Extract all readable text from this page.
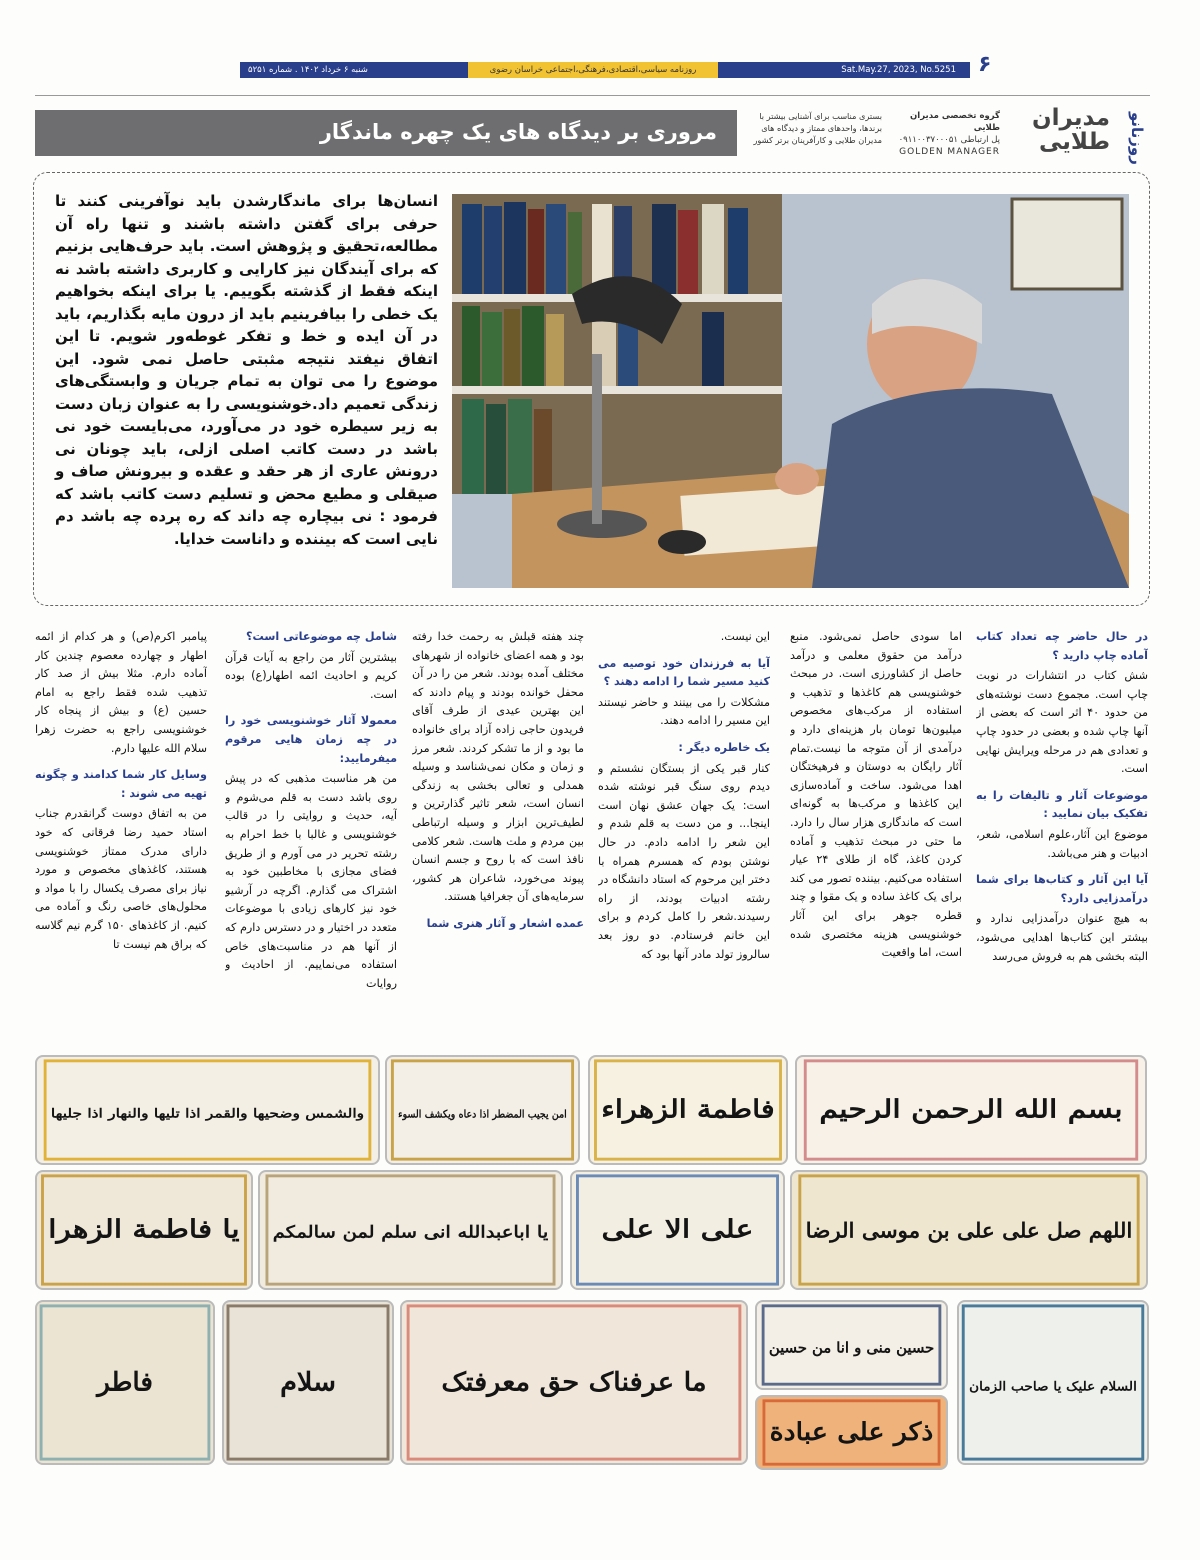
شنبه ۶ خرداد ۱۴۰۲ . شماره ۵۲۵۱	روزنامه سیاسی،اقتصادی،فرهنگی،اجتماعی خراسان رضوی	Sat.May.27, 2023, No.5251 ۶
مروری بر دیدگاه های یک چهره ماندگار
بستری مناسب برای آشنایی بیشتر با برندها، واحدهای ممتاز و دیدگاه های مدیران طلایی و کارآفرینان برتر کشور
گروه تخصصی مدیران طلایی
پل ارتباطی ۰۹۱۱۰۰۳۷۰۰۰۵۱
GOLDEN MANAGER
مدیران طلایی روزنانو
انسان‌ها برای ماندگارشدن باید نوآفرینی کنند تا حرفی برای گفتن داشته باشند و تنها راه آن مطالعه،تحقیق و پژوهش است. باید حرف‌هایی بزنیم که برای آیندگان نیز کارایی و کاربری داشته باشد نه اینکه فقط از گذشته بگوییم. یا برای اینکه بخواهیم یک خطی را بیافرینیم باید از درون مایه بگذاریم، باید در آن ایده و خط و تفکر غوطه‌ور شویم. تا این اتفاق نیفتد نتیجه مثبتی حاصل نمی شود. این موضوع را می توان به تمام جریان و وابستگی‌های زندگی تعمیم داد.خوشنویسی را به عنوان زبان دست به زیر سیطره خود در می‌آورد، می‌بایست خود نی باشد در دست کاتب اصلی ازلی، باید چونان نی درونش عاری از هر حقد و عقده و بیرونش صاف و صیقلی و مطیع محض و تسلیم دست کاتب باشد که فرمود : نی بیچاره چه داند که ره پرده چه باشد دم نایی است که بیننده و داناست خدایا.

در حال حاضر چه تعداد کتاب آماده چاپ دارید ؟

شش کتاب در انتشارات در نوبت چاپ است. مجموع دست نوشته‌های من حدود ۴۰ اثر است که بعضی از آنها چاپ شده و بعضی در حدود چاپ و تعدادی هم در مرحله ویرایش نهایی است.

موضوعات آثار و تالیفات را به تفکیک بیان نمایید :

موضوع این آثار،علوم اسلامی، شعر، ادبیات و هنر می‌باشد.

آیا این آثار و کتاب‌ها برای شما درآمدزایی دارد؟

به هیچ عنوان درآمدزایی ندارد و بیشتر این کتاب‌ها اهدایی می‌شود، البته بخشی هم به فروش می‌رسد

اما سودی حاصل نمی‌شود. منبع درآمد من حقوق معلمی و درآمد حاصل از کشاورزی است. در مبحث خوشنویسی هم کاغذها و تذهیب و استفاده از مرکب‌های مخصوص میلیون‌ها تومان بار هزینه‌ای دارد و درآمدی از آن متوجه ما نیست.تمام آثار رایگان به دوستان و فرهیختگان اهدا می‌شود. ساخت و آماده‌سازی این کاغذها و مرکب‌ها به گونه‌ای است که ماندگاری هزار سال را دارد. ما حتی در مبحث تذهیب و آماده کردن کاغذ، گاه از طلای ۲۴ عیار استفاده می‌کنیم. بیننده تصور می کند برای یک کاغذ ساده و یک مقوا و چند قطره جوهر برای این آثار خوشنویسی هزینه مختصری شده است، اما واقعیت

این نیست.

آیا به فرزندان خود توصیه می کنید مسیر شما را ادامه دهند ؟

مشکلات را می بینند و حاضر نیستند این مسیر را ادامه دهند.

یک خاطره دیگر :

کنار قبر یکی از بستگان نشستم و دیدم روی سنگ قبر نوشته شده است: یک جهان عشق نهان است اینجا... و من دست به قلم شدم و این شعر را ادامه دادم. در حال نوشتن بودم که همسرم همراه با دختر این مرحوم که استاد دانشگاه در رشته ادبیات بودند، از راه رسیدند.شعر را کامل کردم و برای این خانم فرستادم. دو روز بعد سالروز تولد مادر آنها بود که

چند هفته قبلش به رحمت خدا رفته بود و همه اعضای خانواده از شهرهای مختلف آمده بودند. شعر من را در آن محفل خوانده بودند و پیام دادند که این بهترین عیدی از طرف آقای فریدون حاجی زاده آزاد برای خانواده ما بود و از ما تشکر کردند. شعر مرز و زمان و مکان نمی‌شناسد و وسیله همدلی و تعالی بخشی به زندگی انسان است، شعر تاثیر گذارترین و لطیف‌ترین ابزار و وسیله ارتباطی بین مردم و ملت هاست. شعر کلامی نافذ است که با روح و جسم انسان پیوند می‌خورد، شاعران هر کشور، سرمایه‌های آن جغرافیا هستند.

عمده اشعار و آثار هنری شما

شامل چه موضوعاتی است؟

بیشترین آثار من راجع به آیات قرآن کریم و احادیث ائمه اطهار(ع) بوده است.

معمولا آثار خوشنویسی خود را در چه زمان هایی مرقوم میفرمایید:

من هر مناسبت مذهبی که در پیش روی باشد دست به قلم می‌شوم و آیه، حدیث و روایتی را در قالب خوشنویسی و غالبا با خط احرام به رشته تحریر در می آورم و از طریق فضای مجازی با مخاطبین خود به اشتراک می گذارم. اگرچه در آرشیو خود نیز کارهای زیادی با موضوعات متعدد در اختیار و در دسترس دارم که از آنها هم در مناسبت‌های خاص استفاده می‌نماییم. از احادیث و روایات

پیامبر اکرم(ص) و هر کدام از ائمه اطهار و چهارده معصوم چندین کار آماده دارم. مثلا بیش از صد کار تذهیب شده فقط راجع به امام حسین (ع) و بیش از پنجاه کار خوشنویسی راجع به حضرت زهرا سلام الله علیها دارم.

وسایل کار شما کدامند و چگونه تهیه می شوند :

من به اتفاق دوست گرانقدرم جناب استاد حمید رضا فرقانی که خود دارای مدرک ممتاز خوشنویسی هستند، کاغذهای مخصوص و مورد نیاز برای مصرف یکسال را با مواد و محلول‌های خاصی رنگ و آماده می کنیم. از کاغذهای ۱۵۰ گرم نیم گلاسه که براق هم نیست تا

والشمس وضحیها والقمر اذا تلیها والنهار اذا جلیها	امن یجیب المضطر اذا دعاه ویکشف السوء فاطمة الزهراء	بسم الله الرحمن الرحیم
یا فاطمة الزهرا یا اباعبدالله انی سلم لمن سالمکم	علی الا علی اللهم صل علی علی بن موسی الرضا
فاطر	سلام	ما عرفناک حق معرفتک
حسین منی و انا من حسین
ذکر علی عبادة
السلام علیک یا صاحب الزمان
